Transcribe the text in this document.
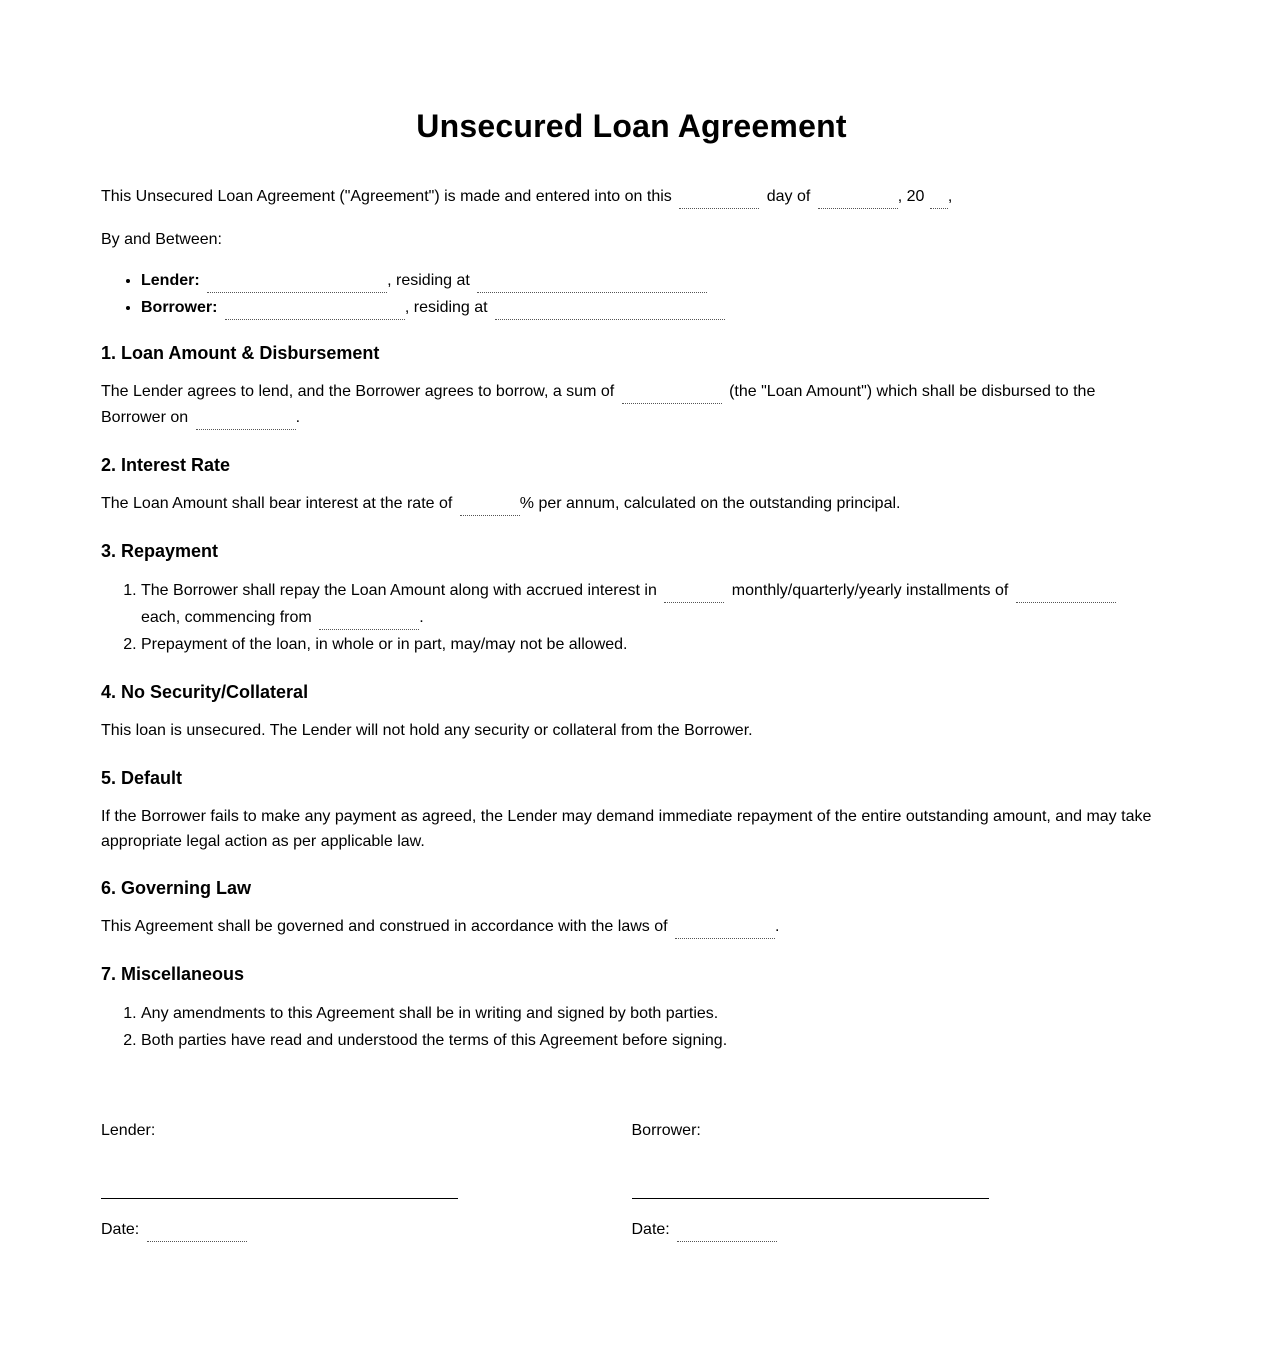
Unsecured Loan Agreement

This Unsecured Loan Agreement ("Agreement") is made and entered into on this	day of	, 20 ,

By and Between:

• Lender:	, residing at
• Borrower:	, residing at
1. Loan Amount & Disbursement

The Lender agrees to lend, and the Borrower agrees to borrow, a sum of	(the "Loan Amount") which shall be disbursed to the Borrower on	.

2. Interest Rate

The Loan Amount shall bear interest at the rate of	% per annum, calculated on the outstanding principal.

3. Repayment
1. The Borrower shall repay the Loan Amount along with accrued interest in	monthly/quarterly/yearly installments of  each, commencing from	.
2. Prepayment of the loan, in whole or in part, may/may not be allowed.
4. No Security/Collateral

This loan is unsecured. The Lender will not hold any security or collateral from the Borrower.

5. Default

If the Borrower fails to make any payment as agreed, the Lender may demand immediate repayment of the entire outstanding amount, and may take appropriate legal action as per applicable law.

6. Governing Law

This Agreement shall be governed and construed in accordance with the laws of	.

7. Miscellaneous
1. Any amendments to this Agreement shall be in writing and signed by both parties.
2. Both parties have read and understood the terms of this Agreement before signing.
Lender:
Date:
Borrower:
Date:
